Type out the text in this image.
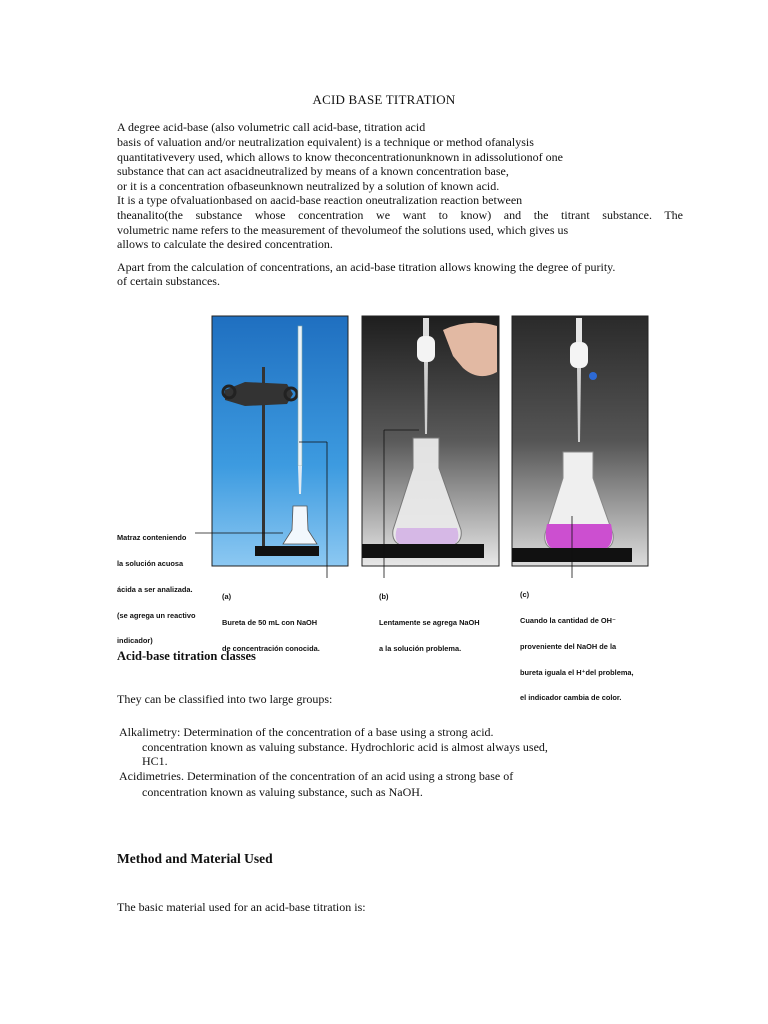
ACID BASE TITRATION
A degree acid-base (also volumetric call acid-base, titration acid
basis of valuation and/or neutralization equivalent) is a technique or method ofanalysis
quantitativevery used, which allows to know theconcentrationunknown in adissolutionof one
substance that can act asacidneutralized by means of a known concentration base,
or it is a concentration ofbaseunknown neutralized by a solution of known acid.
It is a type ofvaluationbased on aacid-base reaction oneutralization reaction between
theanalito(the substance whose concentration we want to know) and the titrant substance. The
volumetric name refers to the measurement of thevolumeof the solutions used, which gives us
allows to calculate the desired concentration.
Apart from the calculation of concentrations, an acid-base titration allows knowing the degree of purity.
of certain substances.

Matraz conteniendo

la solución acuosa

ácida a ser analizada.

(se agrega un reactivo

indicador)

(a)

Bureta de 50 mL con NaOH

de concentración conocida.

(b)

Lentamente se agrega NaOH

a la solución problema.

(c)

Cuando la cantidad de OH⁻

proveniente del NaOH de la

bureta iguala el H⁺del problema,

el indicador cambia de color.

Acid-base titration classes
They can be classified into two large groups:
Alkalimetry: Determination of the concentration of a base using a strong acid.
concentration known as valuing substance. Hydrochloric acid is almost always used,
HC1.
Acidimetries. Determination of the concentration of an acid using a strong base of
concentration known as valuing substance, such as NaOH.
Method and Material Used
The basic material used for an acid-base titration is:
